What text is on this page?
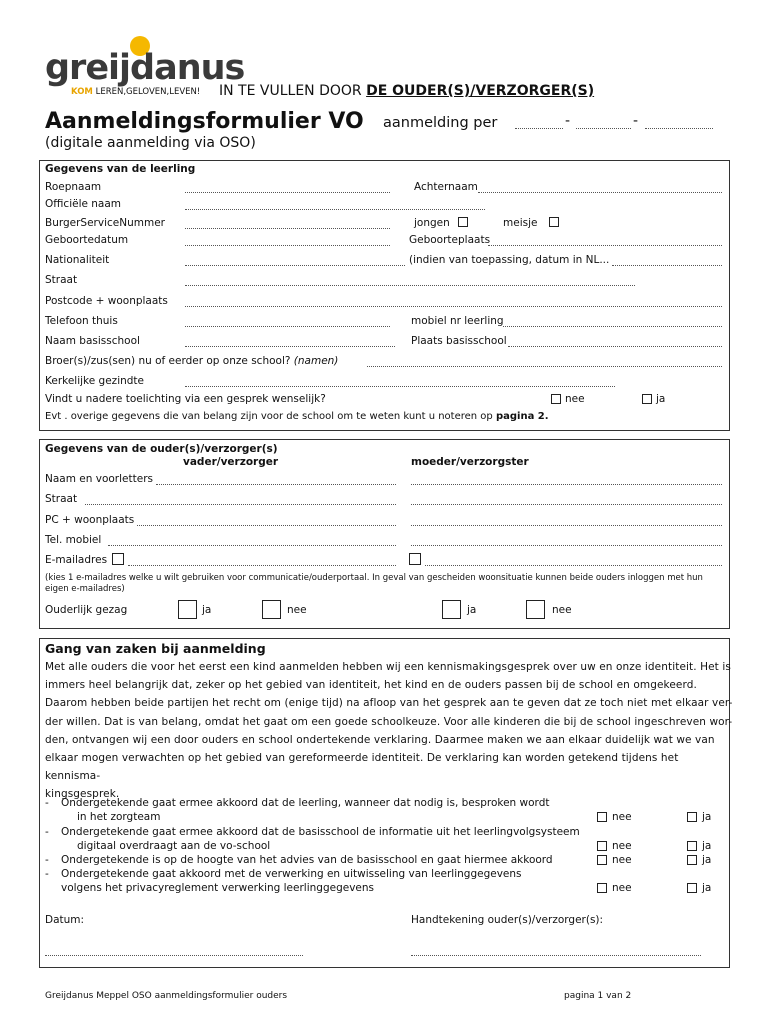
greijdanus
KOM LEREN,GELOVEN,LEVEN! IN TE VULLEN DOOR DE OUDER(S)/VERZORGER(S)
Aanmeldingsformulier VO aanmelding per	-	-
(digitale aanmelding via OSO)
Gegevens van de leerling
Roepnaam	Achternaam
Officiële naam
BurgerServiceNummer	jongen	meisje
Geboortedatum	Geboorteplaats
Nationaliteit	(indien van toepassing, datum in NL...
Straat
Postcode + woonplaats
Telefoon thuis	mobiel nr leerling
Naam basisschool	Plaats basisschool
Broer(s)/zus(sen) nu of eerder op onze school? (namen)
Kerkelijke gezindte
Vindt u nadere toelichting via een gesprek wenselijk?	nee	ja
Evt . overige gegevens die van belang zijn voor de school om te weten kunt u noteren op pagina 2.
Gegevens van de ouder(s)/verzorger(s)
vader/verzorger	moeder/verzorgster
Naam en voorletters
Straat
PC + woonplaats
Tel. mobiel
E-mailadres
(kies 1 e-mailadres welke u wilt gebruiken voor communicatie/ouderportaal. In geval van gescheiden woonsituatie kunnen beide ouders inloggen met hun eigen e-mailadres)
Ouderlijk gezag	ja	nee	ja	nee
Gang van zaken bij aanmelding
Met alle ouders die voor het eerst een kind aanmelden hebben wij een kennismakingsgesprek over uw en onze identiteit. Het is
immers heel belangrijk dat, zeker op het gebied van identiteit, het kind en de ouders passen bij de school en omgekeerd.
Daarom hebben beide partijen het recht om (enige tijd) na afloop van het gesprek aan te geven dat ze toch niet met elkaar ver-
der willen. Dat is van belang, omdat het gaat om een goede schoolkeuze. Voor alle kinderen die bij de school ingeschreven wor-
den, ontvangen wij een door ouders en school ondertekende verklaring. Daarmee maken we aan elkaar duidelijk wat we van
elkaar mogen verwachten op het gebied van gereformeerde identiteit. De verklaring kan worden getekend tijdens het kennisma-
kingsgesprek.
- Ondergetekende gaat ermee akkoord dat de leerling, wanneer dat nodig is, besproken wordt
in het zorgteam	nee	ja
- Ondergetekende gaat ermee akkoord dat de basisschool de informatie uit het leerlingvolgsysteem
digitaal overdraagt aan de vo-school	nee	ja
- Ondergetekende is op de hoogte van het advies van de basisschool en gaat hiermee akkoord	nee	ja
- Ondergetekende gaat akkoord met de verwerking en uitwisseling van leerlinggegevens
volgens het privacyreglement verwerking leerlinggegevens	nee	ja
Datum:	Handtekening ouder(s)/verzorger(s):
Greijdanus Meppel OSO aanmeldingsformulier ouders	pagina 1 van 2
